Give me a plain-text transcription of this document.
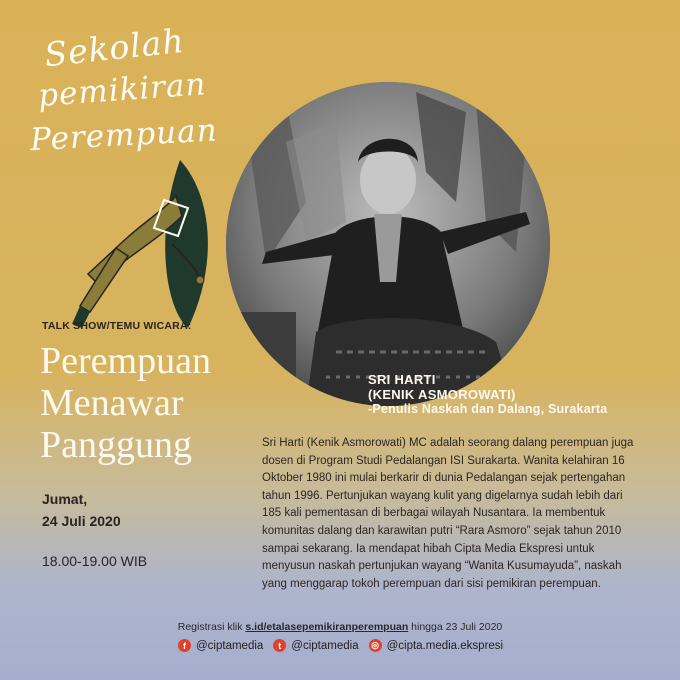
Sekolah
pemikiran
Perempuan
TALK SHOW/TEMU WICARA:
Perempuan
Menawar
Panggung
Jumat,
24 Juli 2020
18.00-19.00 WIB
SRI HARTI
(KENIK ASMOROWATI)
-Penulis Naskah dan Dalang, Surakarta

Sri Harti (Kenik Asmorowati) MC adalah seorang dalang perempuan juga dosen di Program Studi Pedalangan ISI Surakarta. Wanita kelahiran 16 Oktober 1980 ini mulai berkarir di dunia Pedalangan sejak pertengahan tahun 1996. Pertunjukan wayang kulit yang digelarnya sudah lebih dari 185 kali pementasan di berbagai wilayah Nusantara. Ia membentuk komunitas dalang dan karawitan putri “Rara Asmoro” sejak tahun 2010 sampai sekarang. Ia mendapat hibah Cipta Media Ekspresi untuk menyusun naskah pertunjukan wayang “Wanita Kusumayuda”, naskah yang menggarap tokoh perempuan dari sisi pemikiran perempuan.

Registrasi klik s.id/etalasepemikiranperempuan hingga 23 Juli 2020
f @ciptamedia	t @ciptamedia ◎ @cipta.media.ekspresi
